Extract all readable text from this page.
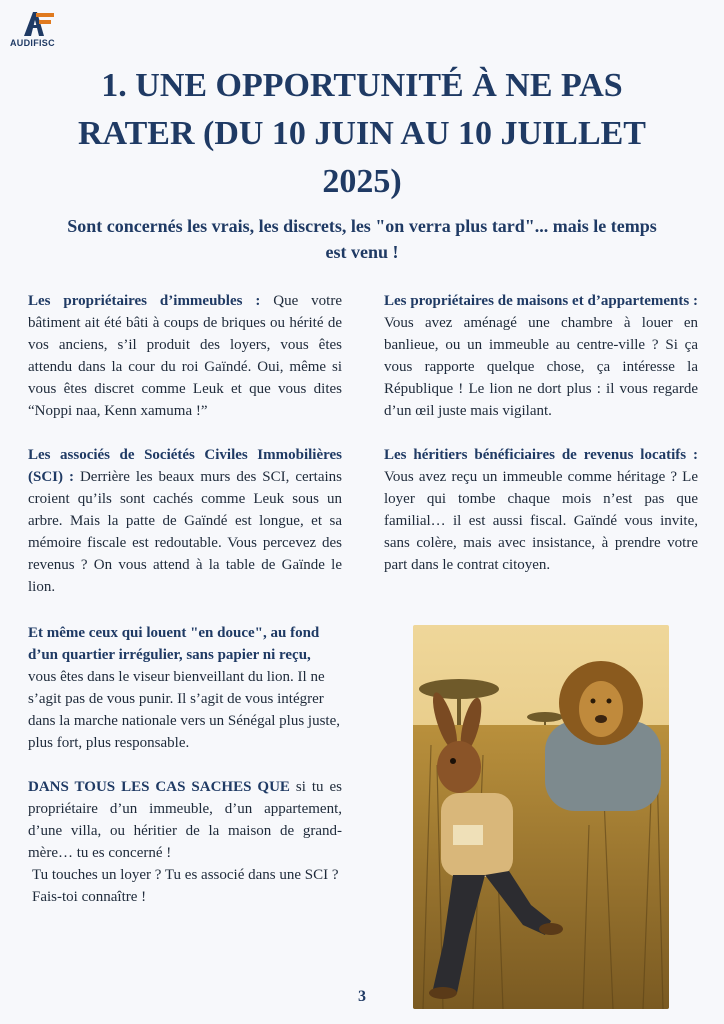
AUDIFISC
1. UNE OPPORTUNITÉ À NE PAS RATER (DU 10 JUIN AU 10 JUILLET 2025)

Sont concernés les vrais, les discrets, les "on verra plus tard"... mais le temps est venu !

Les propriétaires d’immeubles : Que votre bâtiment ait été bâti à coups de briques ou hérité de vos anciens, s’il produit des loyers, vous êtes attendu dans la cour du roi Gaïndé. Oui, même si vous êtes discret comme Leuk et que vous dites “Noppi naa, Kenn xamuma !”

Les associés de Sociétés Civiles Immobilières (SCI) : Derrière les beaux murs des SCI, certains croient qu’ils sont cachés comme Leuk sous un arbre. Mais la patte de Gaïndé est longue, et sa mémoire fiscale est redoutable. Vous percevez des revenus ? On vous attend à la table de Gaïnde le lion.

Et même ceux qui louent "en douce", au fond d’un quartier irrégulier, sans papier ni reçu, vous êtes dans le viseur bienveillant du lion. Il ne s’agit pas de vous punir. Il s’agit de vous intégrer dans la marche nationale vers un Sénégal plus juste, plus fort, plus responsable.

DANS TOUS LES CAS SACHES QUE si tu es propriétaire d’un immeuble, d’un appartement, d’une villa, ou héritier de la maison de grand-mère… tu es concerné !

Tu touches un loyer ? Tu es associé dans une SCI ? Fais-toi connaître !

Les propriétaires de maisons et d’appartements : Vous avez aménagé une chambre à louer en banlieue, ou un immeuble au centre-ville ? Si ça vous rapporte quelque chose, ça intéresse la République ! Le lion ne dort plus : il vous regarde d’un œil juste mais vigilant.

Les héritiers bénéficiaires de revenus locatifs : Vous avez reçu un immeuble comme héritage ? Le loyer qui tombe chaque mois n’est pas que familial… il est aussi fiscal. Gaïndé vous invite, sans colère, mais avec insistance, à prendre votre part dans le contrat citoyen.

3
